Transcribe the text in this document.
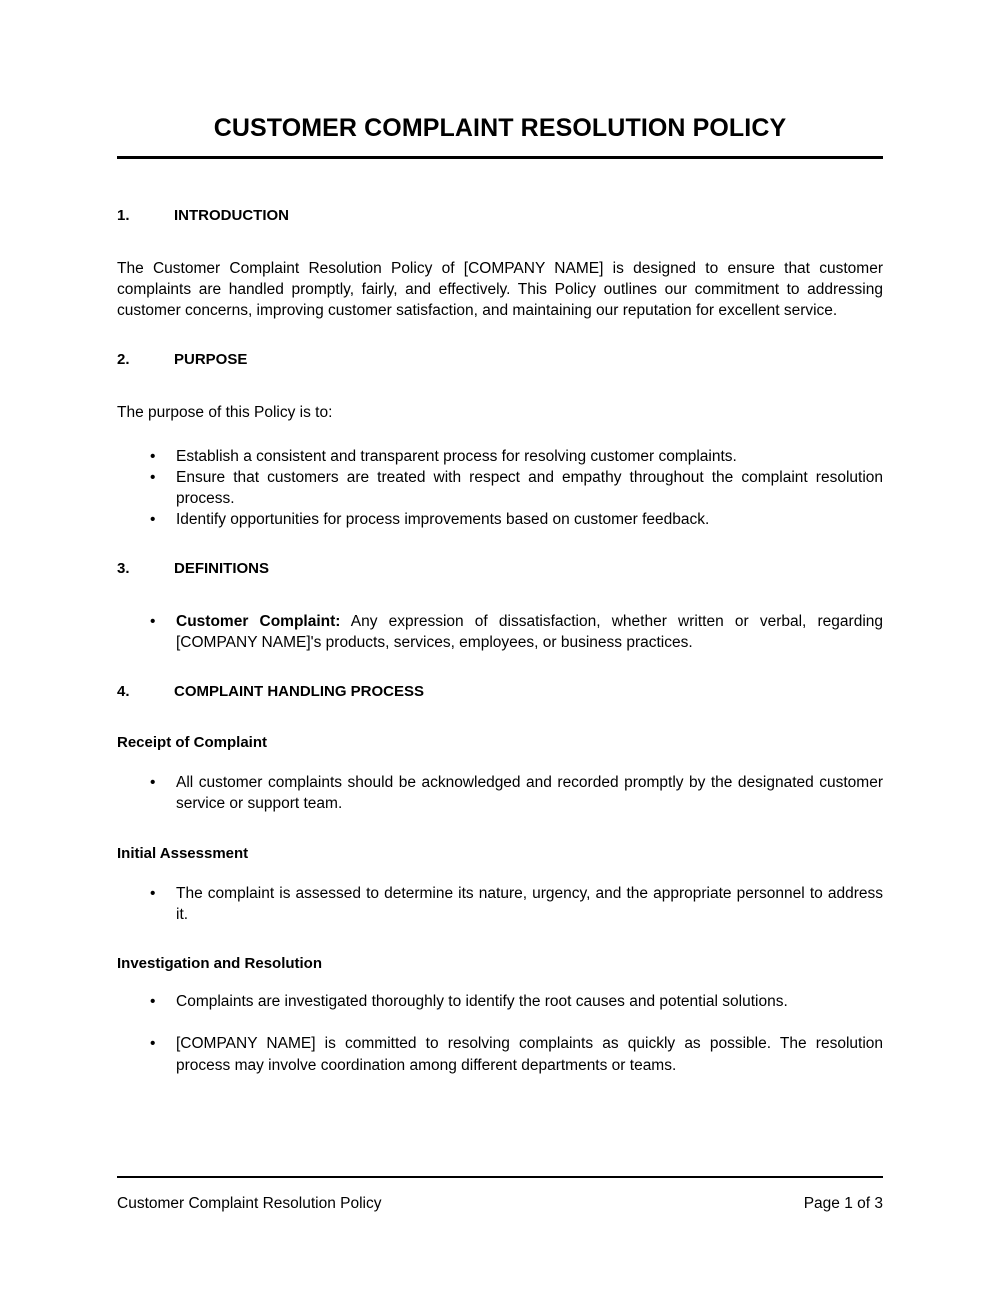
CUSTOMER COMPLAINT RESOLUTION POLICY
1.	INTRODUCTION

The Customer Complaint Resolution Policy of [COMPANY NAME] is designed to ensure that customer complaints are handled promptly, fairly, and effectively. This Policy outlines our commitment to addressing customer concerns, improving customer satisfaction, and maintaining our reputation for excellent service.

2.	PURPOSE

The purpose of this Policy is to:

• Establish a consistent and transparent process for resolving customer complaints.
• Ensure that customers are treated with respect and empathy throughout the complaint resolution process.
• Identify opportunities for process improvements based on customer feedback.
3.	DEFINITIONS
• Customer Complaint: Any expression of dissatisfaction, whether written or verbal, regarding [COMPANY NAME]'s products, services, employees, or business practices.
4.	COMPLAINT HANDLING PROCESS

Receipt of Complaint

• All customer complaints should be acknowledged and recorded promptly by the designated customer service or support team.

Initial Assessment

• The complaint is assessed to determine its nature, urgency, and the appropriate personnel to address it.

Investigation and Resolution

• Complaints are investigated thoroughly to identify the root causes and potential solutions.
• [COMPANY NAME] is committed to resolving complaints as quickly as possible. The resolution process may involve coordination among different departments or teams.
Customer Complaint Resolution Policy	Page 1 of 3
